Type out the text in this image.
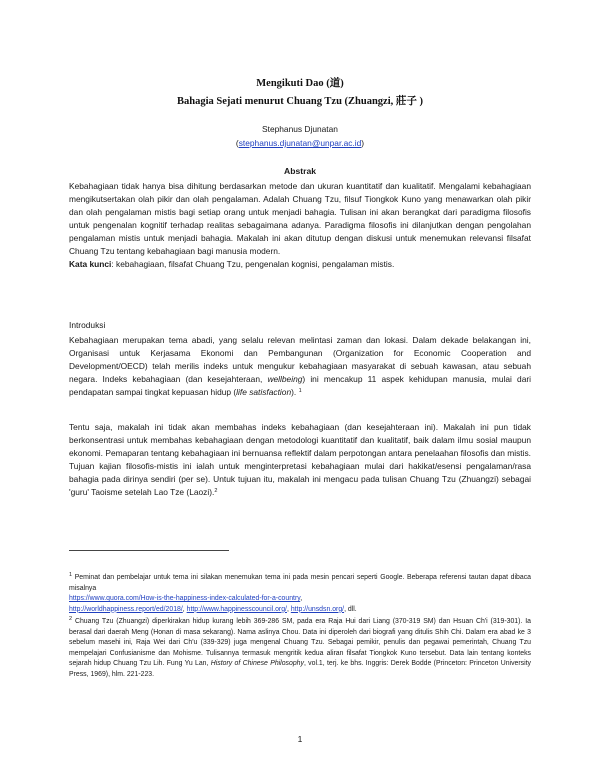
Mengikuti Dao (道)
Bahagia Sejati menurut Chuang Tzu (Zhuangzi, 莊子 )
Stephanus Djunatan
(stephanus.djunatan@unpar.ac.id)
Abstrak

Kebahagiaan tidak hanya bisa dihitung berdasarkan metode dan ukuran kuantitatif dan kualitatif. Mengalami kebahagiaan mengikutsertakan olah pikir dan olah pengalaman. Adalah Chuang Tzu, filsuf Tiongkok Kuno yang menawarkan olah pikir dan olah pengalaman mistis bagi setiap orang untuk menjadi bahagia. Tulisan ini akan berangkat dari paradigma filosofis untuk pengenalan kognitif terhadap realitas sebagaimana adanya. Paradigma filosofis ini dilanjutkan dengan pengolahan pengalaman mistis untuk menjadi bahagia. Makalah ini akan ditutup dengan diskusi untuk menemukan relevansi filsafat Chuang Tzu tentang kebahagiaan bagi manusia modern.

Kata kunci: kebahagiaan, filsafat Chuang Tzu, pengenalan kognisi, pengalaman mistis.

Introduksi

Kebahagiaan merupakan tema abadi, yang selalu relevan melintasi zaman dan lokasi. Dalam dekade belakangan ini, Organisasi untuk Kerjasama Ekonomi dan Pembangunan (Organization for Economic Cooperation and Development/OECD) telah merilis indeks untuk mengukur kebahagiaan masyarakat di sebuah kawasan, atau sebuah negara. Indeks kebahagiaan (dan kesejahteraan, wellbeing) ini mencakup 11 aspek kehidupan manusia, mulai dari pendapatan sampai tingkat kepuasan hidup (life satisfaction). $^1$

Tentu saja, makalah ini tidak akan membahas indeks kebahagiaan (dan kesejahteraan ini). Makalah ini pun tidak berkonsentrasi untuk membahas kebahagiaan dengan metodologi kuantitatif dan kualitatif, baik dalam ilmu sosial maupun ekonomi. Pemaparan tentang kebahagiaan ini bernuansa reflektif dalam perpotongan antara penelaahan filosofis dan mistis. Tujuan kajian filosofis-mistis ini ialah untuk menginterpretasi kebahagiaan mulai dari hakikat/esensi pengalaman/rasa bahagia pada dirinya sendiri (per se). Untuk tujuan itu, makalah ini mengacu pada tulisan Chuang Tzu (Zhuangzi) sebagai 'guru' Taoisme setelah Lao Tze (Laozi).$^2$

$^1$ Peminat dan pembelajar untuk tema ini silakan menemukan tema ini pada mesin pencari seperti Google. Beberapa referensi tautan dapat dibaca misalnya

https://www.quora.com/How-is-the-happiness-index-calculated-for-a-country,

http://worldhappiness.report/ed/2018/, http://www.happinesscouncil.org/, http://unsdsn.org/, dll.

$^2$ Chuang Tzu (Zhuangzi) diperkirakan hidup kurang lebih 369-286 SM, pada era Raja Hui dari Liang (370-319 SM) dan Hsuan Ch'i (319-301). Ia berasal dari daerah Meng (Honan di masa sekarang). Nama aslinya Chou. Data ini diperoleh dari biografi yang ditulis Shih Chi. Dalam era abad ke 3 sebelum masehi ini, Raja Wei dari Ch'u (339-329) juga mengenal Chuang Tzu. Sebagai pemikir, penulis dan pegawai pemerintah, Chuang Tzu mempelajari Confusianisme dan Mohisme. Tulisannya termasuk mengritik kedua aliran filsafat Tiongkok Kuno tersebut. Data lain tentang konteks sejarah hidup Chuang Tzu Lih. Fung Yu Lan, History of Chinese Philosophy, vol.1, terj. ke bhs. Inggris: Derek Bodde (Princeton: Princeton University Press, 1969), hlm. 221-223.

1
